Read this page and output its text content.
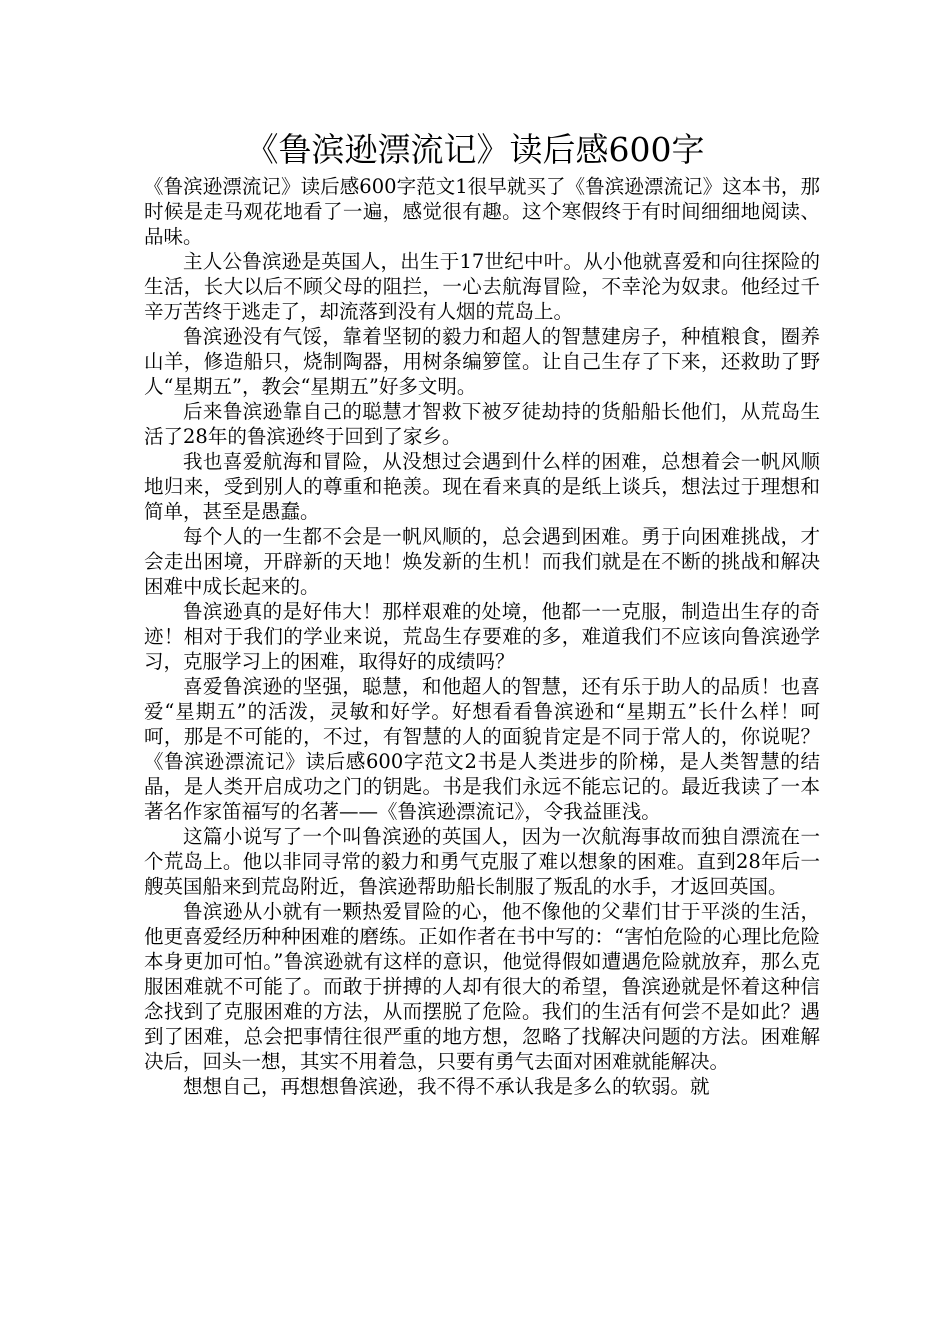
《鲁滨逊漂流记》读后感600字

《鲁滨逊漂流记》读后感600字范文1很早就买了《鲁滨逊漂流记》这本书，那时候是走马观花地看了一遍，感觉很有趣。这个寒假终于有时间细细地阅读、品味。

主人公鲁滨逊是英国人，出生于17世纪中叶。从小他就喜爱和向往探险的生活，长大以后不顾父母的阻拦，一心去航海冒险，不幸沦为奴隶。他经过千辛万苦终于逃走了，却流落到没有人烟的荒岛上。

鲁滨逊没有气馁，靠着坚韧的毅力和超人的智慧建房子，种植粮食，圈养山羊，修造船只，烧制陶器，用树条编箩筐。让自己生存了下来，还救助了野人“星期五”，教会“星期五”好多文明。

后来鲁滨逊靠自己的聪慧才智救下被歹徒劫持的货船船长他们，从荒岛生活了28年的鲁滨逊终于回到了家乡。

我也喜爱航海和冒险，从没想过会遇到什么样的困难，总想着会一帆风顺地归来，受到别人的尊重和艳羡。现在看来真的是纸上谈兵，想法过于理想和简单，甚至是愚蠢。

每个人的一生都不会是一帆风顺的，总会遇到困难。勇于向困难挑战，才会走出困境，开辟新的天地！焕发新的生机！而我们就是在不断的挑战和解决困难中成长起来的。

鲁滨逊真的是好伟大！那样艰难的处境，他都一一克服，制造出生存的奇迹！相对于我们的学业来说，荒岛生存要难的多，难道我们不应该向鲁滨逊学习，克服学习上的困难，取得好的成绩吗？

喜爱鲁滨逊的坚强，聪慧，和他超人的智慧，还有乐于助人的品质！也喜爱“星期五”的活泼，灵敏和好学。好想看看鲁滨逊和“星期五”长什么样！呵呵，那是不可能的，不过，有智慧的人的面貌肯定是不同于常人的，你说呢？《鲁滨逊漂流记》读后感600字范文2书是人类进步的阶梯，是人类智慧的结晶，是人类开启成功之门的钥匙。书是我们永远不能忘记的。最近我读了一本著名作家笛福写的名著——《鲁滨逊漂流记》，令我益匪浅。

这篇小说写了一个叫鲁滨逊的英国人，因为一次航海事故而独自漂流在一个荒岛上。他以非同寻常的毅力和勇气克服了难以想象的困难。直到28年后一艘英国船来到荒岛附近，鲁滨逊帮助船长制服了叛乱的水手，才返回英国。

鲁滨逊从小就有一颗热爱冒险的心，他不像他的父辈们甘于平淡的生活，他更喜爱经历种种困难的磨练。正如作者在书中写的：“害怕危险的心理比危险本身更加可怕。”鲁滨逊就有这样的意识，他觉得假如遭遇危险就放弃，那么克服困难就不可能了。而敢于拼搏的人却有很大的希望，鲁滨逊就是怀着这种信念找到了克服困难的方法，从而摆脱了危险。我们的生活有何尝不是如此？遇到了困难，总会把事情往很严重的地方想，忽略了找解决问题的方法。困难解决后，回头一想，其实不用着急，只要有勇气去面对困难就能解决。

想想自己，再想想鲁滨逊，我不得不承认我是多么的软弱。就
